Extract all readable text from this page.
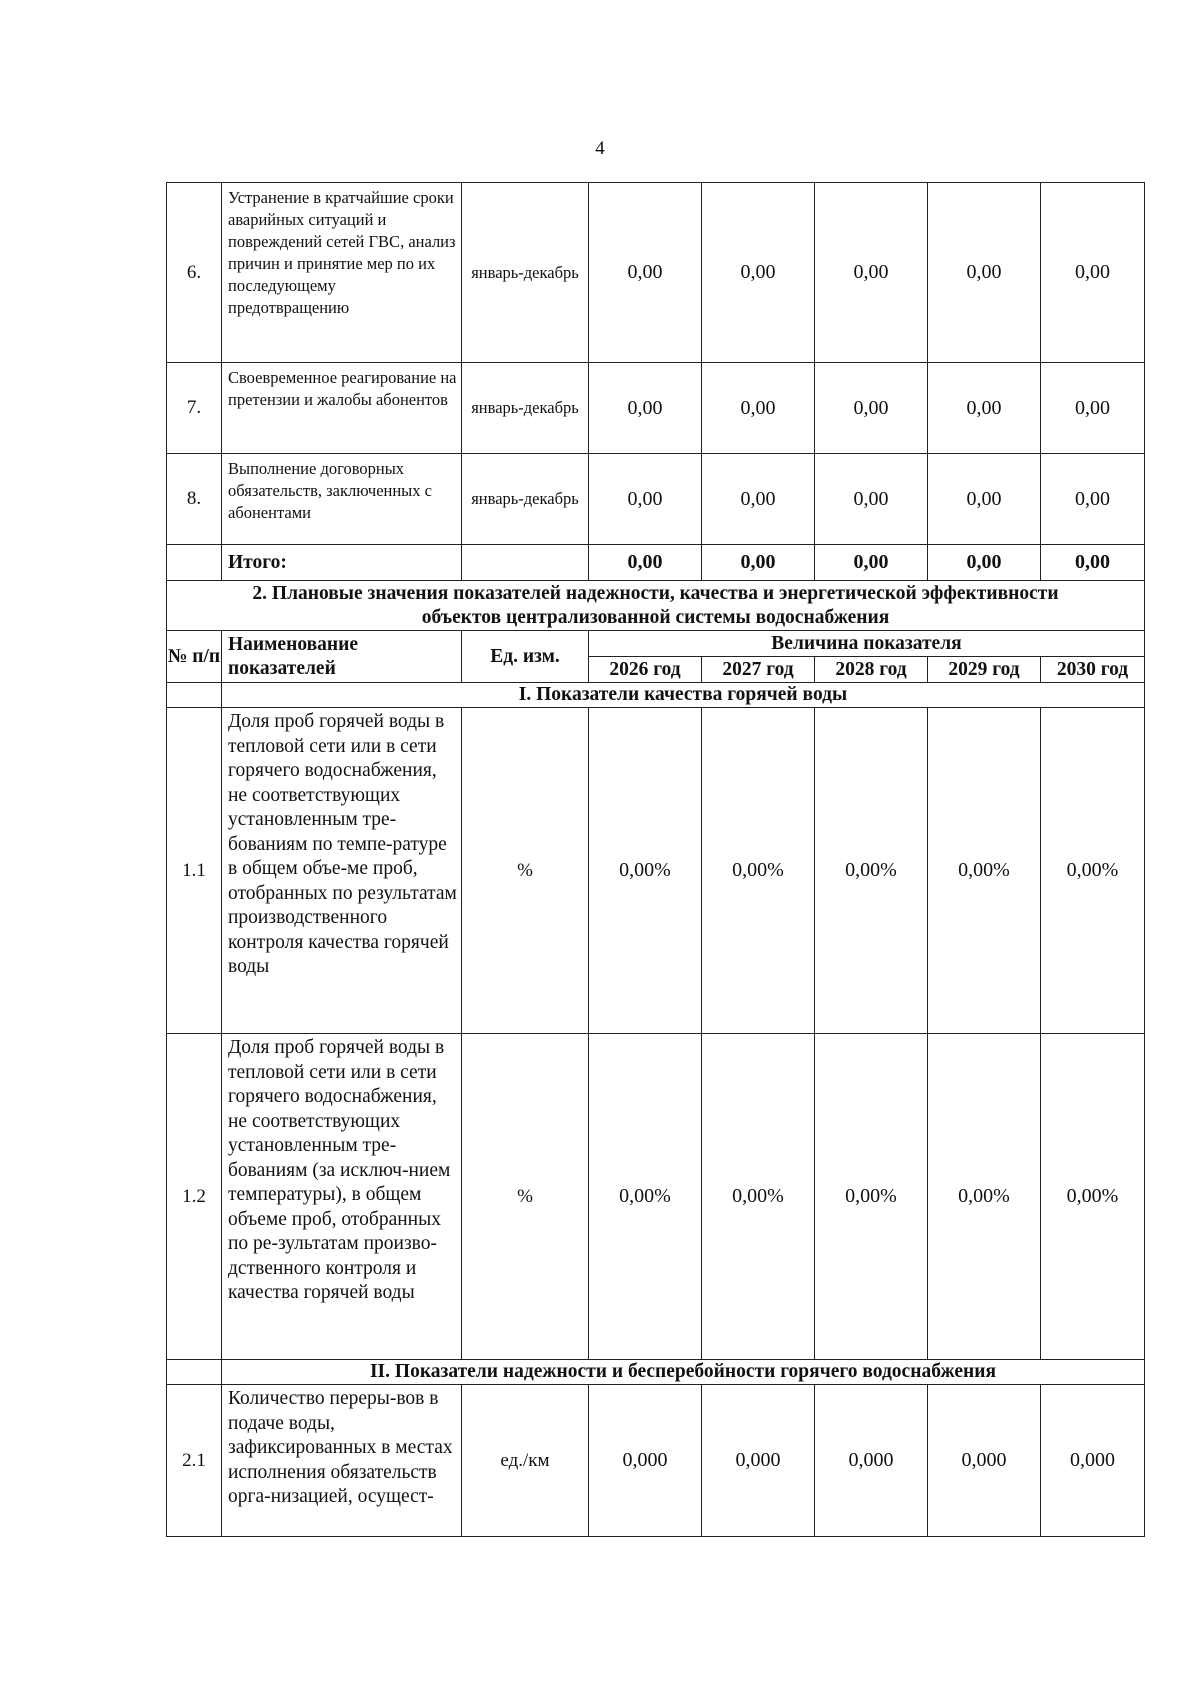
4
6.	Устранение в кратчайшие сроки аварийных ситуаций и повреждений сетей ГВС, анализ причин и принятие мер по их последующему предотвращению	январь-декабрь	0,00	0,00	0,00	0,00	0,00
7.	Своевременное реагирование на претензии и жалобы абонентов	январь-декабрь	0,00	0,00	0,00	0,00	0,00
8.	Выполнение договорных обязательств, заключенных с абонентами	январь-декабрь	0,00	0,00	0,00	0,00	0,00
	Итого:		0,00	0,00	0,00	0,00	0,00
2. Плановые значения показателей надежности, качества и энергетической эффективности объектов централизованной системы водоснабжения							
№ п/п	Наименование показателей	Ед. изм.	Величина показателя				
			2026 год	2027 год	2028 год	2029 год	2030 год
	I. Показатели качества горячей воды						
1.1	Доля проб горячей воды в тепловой сети или в сети горячего водоснабжения, не соответствующих установленным тре-бованиям по темпе-ратуре в общем объе-ме проб, отобранных по результатам производственного контроля качества горячей воды	%	0,00%	0,00%	0,00%	0,00%	0,00%
1.2	Доля проб горячей воды в тепловой сети или в сети горячего водоснабжения, не соответствующих установленным тре-бованиям (за исключ-нием температуры), в общем объеме проб, отобранных по ре-зультатам произво-дственного контроля и качества горячей воды	%	0,00%	0,00%	0,00%	0,00%	0,00%
	II. Показатели надежности и бесперебойности горячего водоснабжения						
2.1	Количество переры-вов в подаче воды, зафиксированных в местах исполнения обязательств орга-низацией, осущест-	ед./км	0,000	0,000	0,000	0,000	0,000
